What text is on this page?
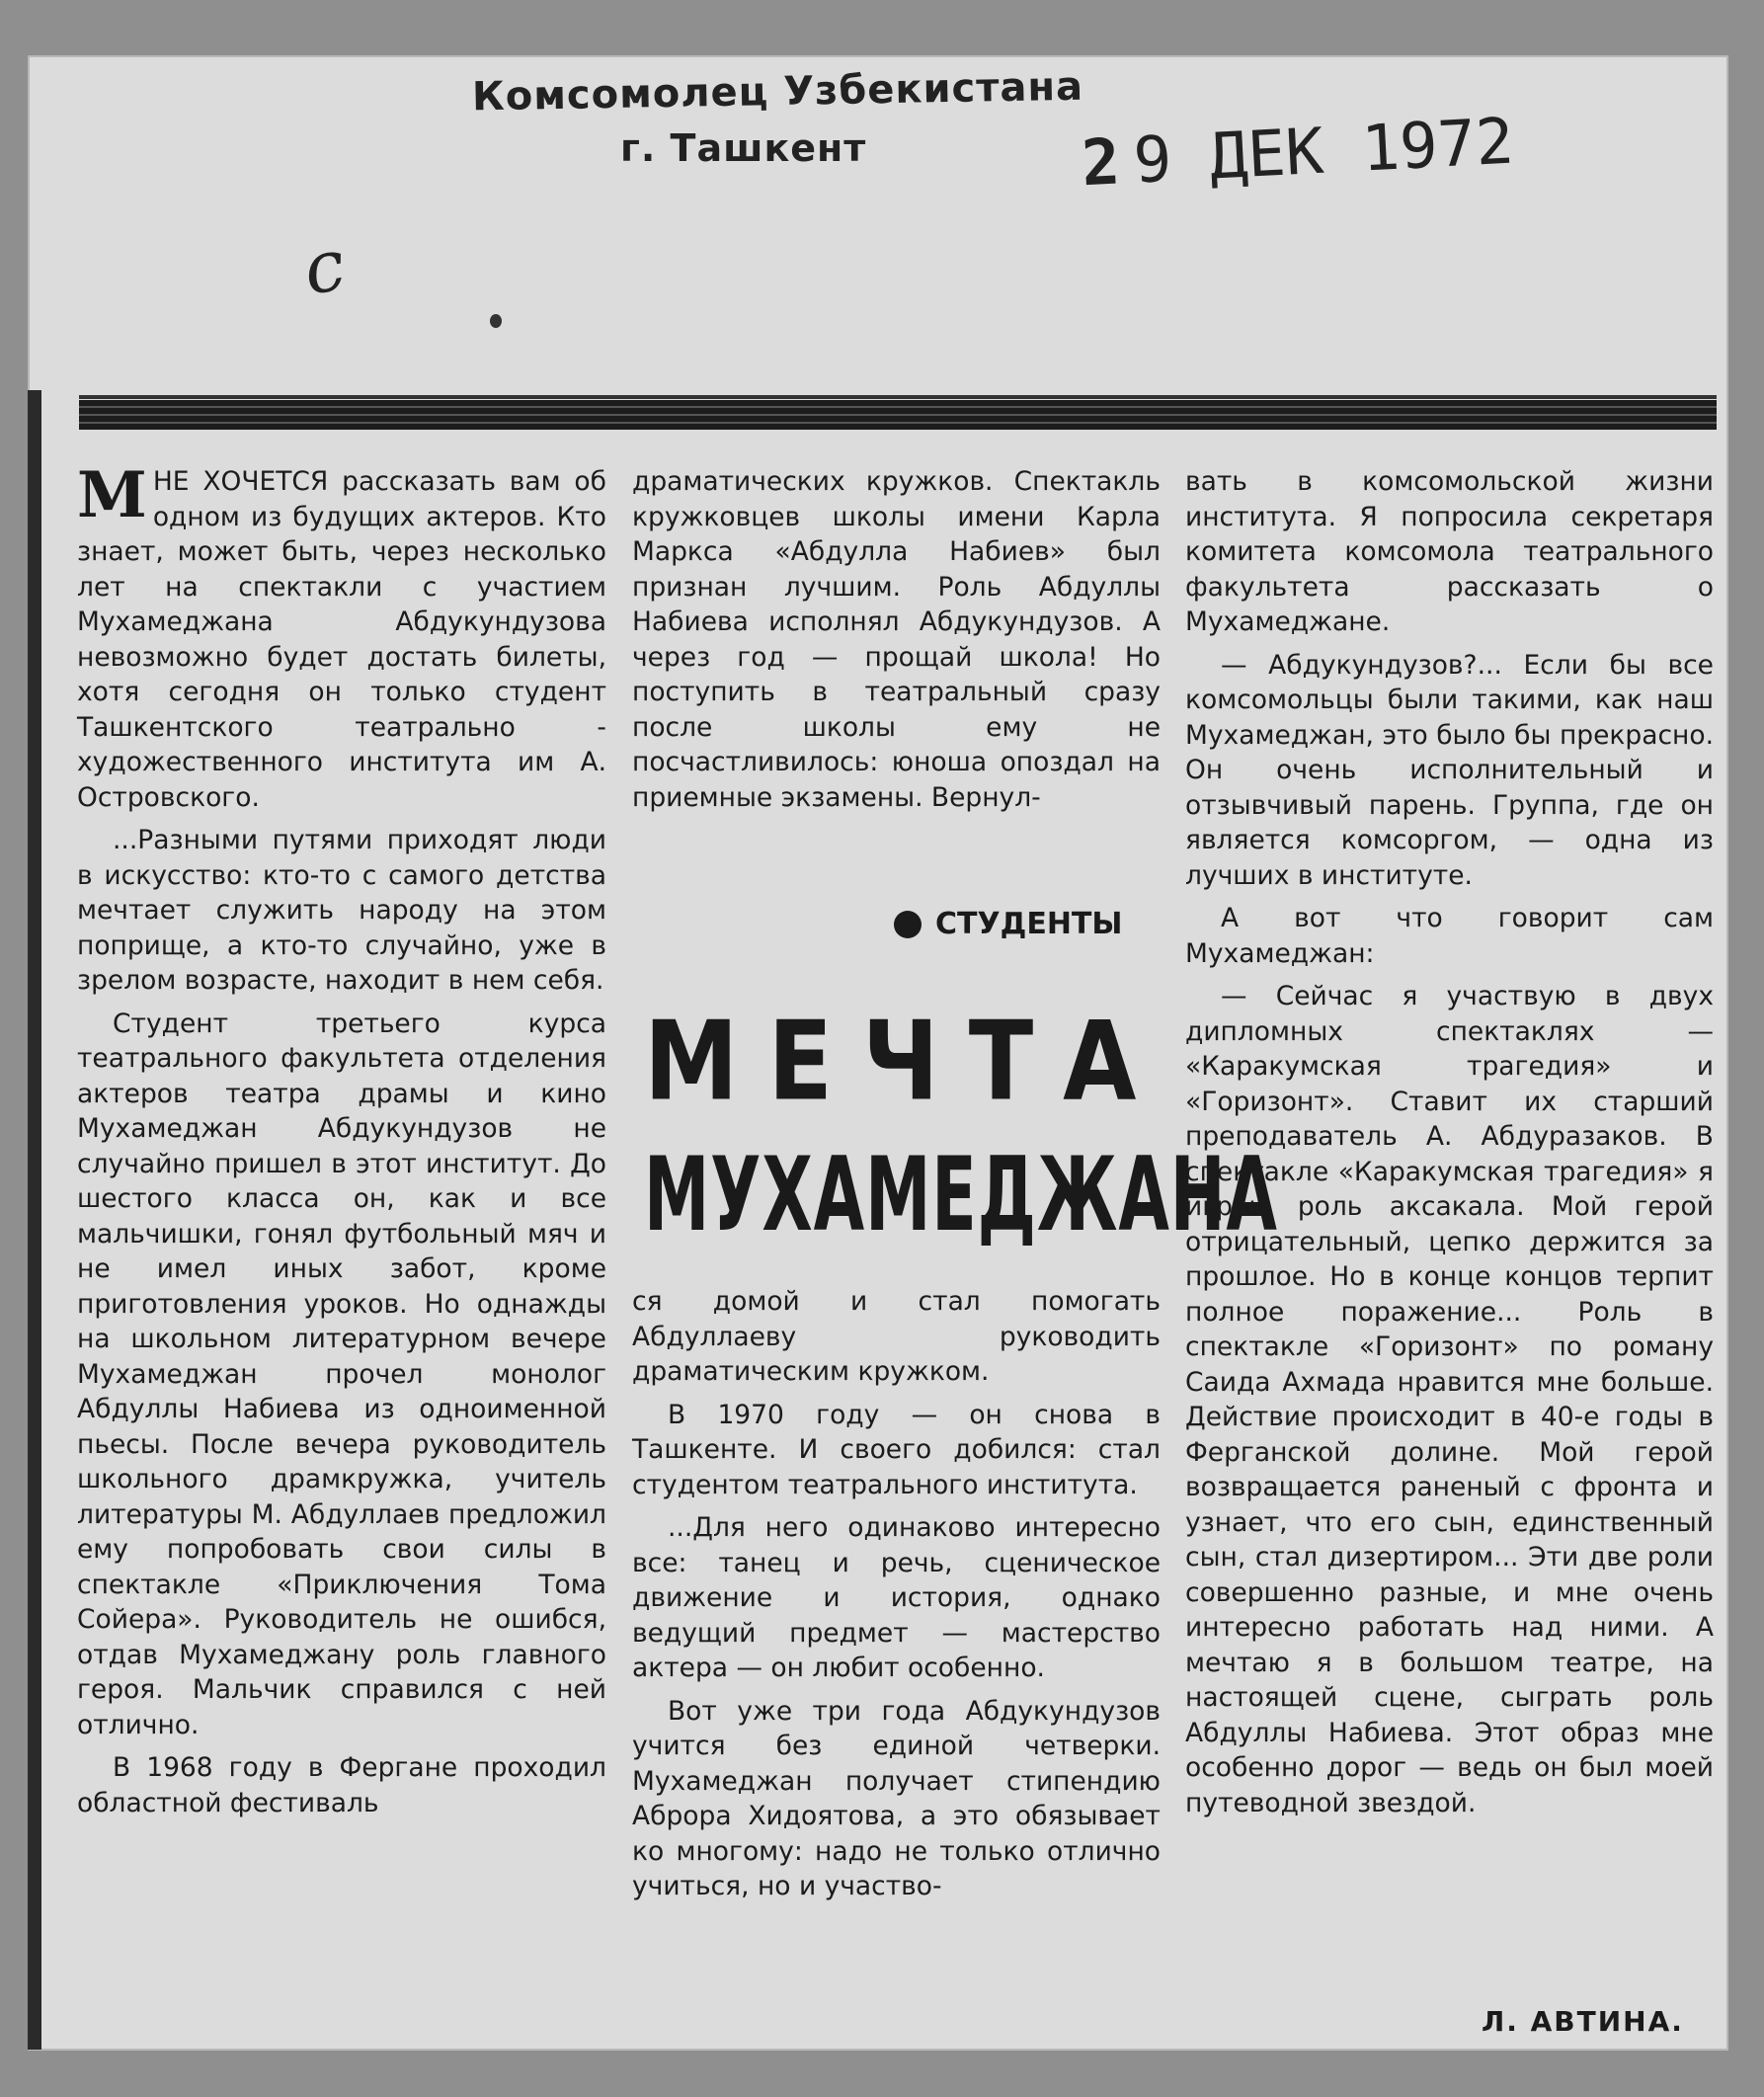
Комсомолец Узбекистана
г. Ташкент	2 9 ДЕК 1972
c

МНЕ ХОЧЕТСЯ рассказать вам об одном из будущих актеров. Кто знает, может быть, через несколько лет на спектакли с участием Мухамеджана Абдукундузова невозможно будет достать билеты, хотя сегодня он только студент Ташкентского театрально - художественного института им А. Островского.

...Разными путями приходят люди в искусство: кто-то с самого детства мечтает служить народу на этом поприще, а кто-то случайно, уже в зрелом возрасте, находит в нем себя.

Студент третьего курса театрального факультета отделения актеров театра драмы и кино Мухамеджан Абдукундузов не случайно пришел в этот институт. До шестого класса он, как и все мальчишки, гонял футбольный мяч и не имел иных забот, кроме приготовления уроков. Но однажды на школьном литературном вечере Мухамеджан прочел монолог Абдуллы Набиева из одноименной пьесы. После вечера руководитель школьного драмкружка, учитель литературы М. Абдуллаев предложил ему попробовать свои силы в спектакле «Приключения Тома Сойера». Руководитель не ошибся, отдав Мухамеджану роль главного героя. Мальчик справился с ней отлично.

В 1968 году в Фергане проходил областной фестиваль

драматических кружков. Спектакль кружковцев школы имени Карла Маркса «Абдулла Набиев» был признан лучшим. Роль Абдуллы Набиева исполнял Абдукундузов. А через год — прощай школа! Но поступить в театральный сразу после школы ему не посчастливилось: юноша опоздал на приемные экзамены. Вернул-

СТУДЕНТЫ
МЕЧТА
МУХАМЕДЖАНА

ся домой и стал помогать Абдуллаеву руководить драматическим кружком.

В 1970 году — он снова в Ташкенте. И своего добился: стал студентом театрального института.

...Для него одинаково интересно все: танец и речь, сценическое движение и история, однако ведущий предмет — мастерство актера — он любит особенно.

Вот уже три года Абдукундузов учится без единой четверки. Мухамеджан получает стипендию Аброра Хидоятова, а это обязывает ко многому: надо не только отлично учиться, но и участво-

вать в комсомольской жизни института. Я попросила секретаря комитета комсомола театрального факультета рассказать о Мухамеджане.

— Абдукундузов?... Если бы все комсомольцы были такими, как наш Мухамеджан, это было бы прекрасно. Он очень исполнительный и отзывчивый парень. Группа, где он является комсоргом, — одна из лучших в институте.

А вот что говорит сам Мухамеджан:

— Сейчас я участвую в двух дипломных спектаклях — «Каракумская трагедия» и «Горизонт». Ставит их старший преподаватель А. Абдуразаков. В спектакле «Каракумская трагедия» я играю роль аксакала. Мой герой отрицательный, цепко держится за прошлое. Но в конце концов терпит полное поражение... Роль в спектакле «Горизонт» по роману Саида Ахмада нравится мне больше. Действие происходит в 40-е годы в Ферганской долине. Мой герой возвращается раненый с фронта и узнает, что его сын, единственный сын, стал дизертиром... Эти две роли совершенно разные, и мне очень интересно работать над ними. А мечтаю я в большом театре, на настоящей сцене, сыграть роль Абдуллы Набиева. Этот образ мне особенно дорог — ведь он был моей путеводной звездой.

Л. АВТИНА.
